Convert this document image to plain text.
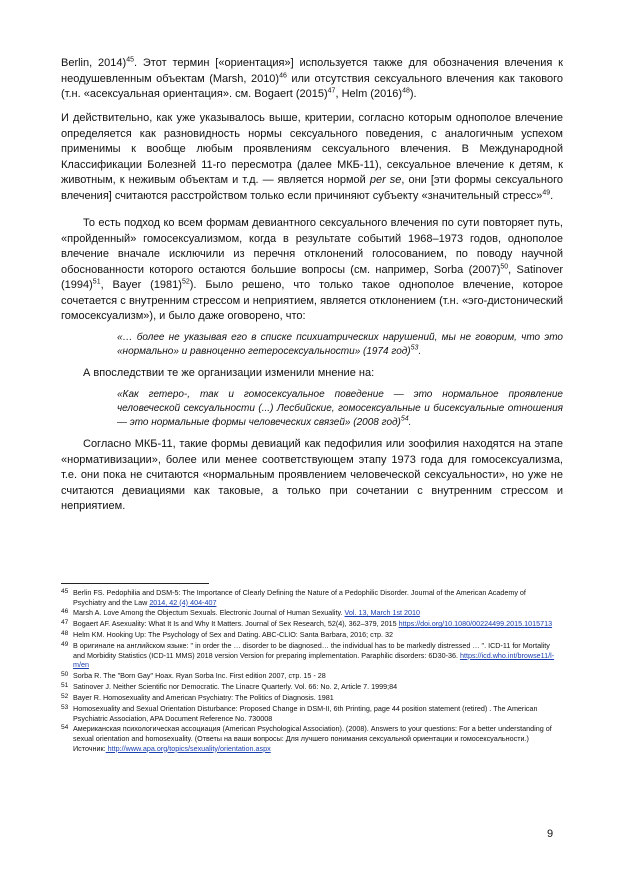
Berlin, 2014)$^{45}$. Этот термин [«ориентация»] используется также для обозначения влечения к неодушевленным объектам (Marsh, 2010)$^{46}$ или отсутствия сексуального влечения как такового (т.н. «асексуальная ориентация». см. Bogaert $(2015)^{47}$, Helm $(2016)^{48}$).

И действительно, как уже указывалось выше, критерии, согласно которым однополое влечение определяется как разновидность нормы сексуального поведения, с аналогичным успехом применимы к вообще любым проявлениям сексуального влечения. В Международной Классификации Болезней 11-го пересмотра (далее МКБ-11), сексуальное влечение к детям, к животным, к неживым объектам и т.д. — является нормой per se, они [эти формы сексуального влечения] считаются расстройством только если причиняют субъекту «значительный стресс»$^{49}$.

То есть подход ко всем формам девиантного сексуального влечения по сути повторяет путь, «пройденный» гомосексуализмом, когда в результате событий 1968–1973 годов, однополое влечение вначале исключили из перечня отклонений голосованием, по поводу научной обоснованности которого остаются большие вопросы (см. например, Sorba $(2007)^{50}$, Satinover $(1994)^{51}$, Bayer $(1981)^{52}$). Было решено, что только такое однополое влечение, которое сочетается с внутренним стрессом и неприятием, является отклонением (т.н. «эго-дистонический гомосексуализм»), и было даже оговорено, что:

«… более не указывая его в списке психиатрических нарушений, мы не говорим, что это «нормально» и равноценно гетеросексуальности» (1974 год)$^{53}$.

А впоследствии те же организации изменили мнение на:

«Как гетеро-, так и гомосексуальное поведение — это нормальное проявление человеческой сексуальности (...) Лесбийские, гомосексуальные и бисексуальные отношения — это нормальные формы человеческих связей» (2008 год)$^{54}$.

Согласно МКБ-11, такие формы девиаций как педофилия или зоофилия находятся на этапе «нормативизации», более или менее соответствующем этапу 1973 года для гомосексуализма, т.е. они пока не считаются «нормальным проявлением человеческой сексуальности», но уже не считаются девиациями как таковые, а только при сочетании с внутренним стрессом и неприятием.

45 Berlin FS. Pedophilia and DSM-5: The Importance of Clearly Defining the Nature of a Pedophilic Disorder. Journal of the American Academy of Psychiatry and the Law 2014, 42 (4) 404-407
46 Marsh A. Love Among the Objectum Sexuals. Electronic Journal of Human Sexuality. Vol. 13, March 1st 2010
47 Bogaert AF. Asexuality: What It Is and Why It Matters. Journal of Sex Research, 52(4), 362–379, 2015 https://doi.org/10.1080/00224499.2015.1015713
48 Helm KM. Hooking Up: The Psychology of Sex and Dating. ABC-CLIO: Santa Barbara, 2016; стр. 32
49 В оригинале на английском языке: " in order the … disorder to be diagnosed… the individual has to be markedly distressed … ". ICD-11 for Mortality and Morbidity Statistics (ICD-11 MMS) 2018 version Version for preparing implementation. Paraphilic disorders: 6D30-36. https://icd.who.int/browse11/l-m/en
50 Sorba R. The "Born Gay" Hoax. Ryan Sorba Inc. First edition 2007, стр. 15 - 28
51 Satinover J. Neither Scientific nor Democratic. The Linacre Quarterly. Vol. 66: No. 2, Article 7. 1999;84
52 Bayer R. Homosexuality and American Psychiatry: The Politics of Diagnosis. 1981
53 Homosexuality and Sexual Orientation Disturbance: Proposed Change in DSM-II, 6th Printing, page 44 position statement (retired) . The American Psychiatric Association, APA Document Reference No. 730008
54 Американская психологическая ассоциация (American Psychological Association). (2008). Answers to your questions: For a better understanding of sexual orientation and homosexuality. (Ответы на ваши вопросы: Для лучшего понимания сексуальной ориентации и гомосексуальности.) Источник: http://www.apa.org/topics/sexuality/orientation.aspx
9
